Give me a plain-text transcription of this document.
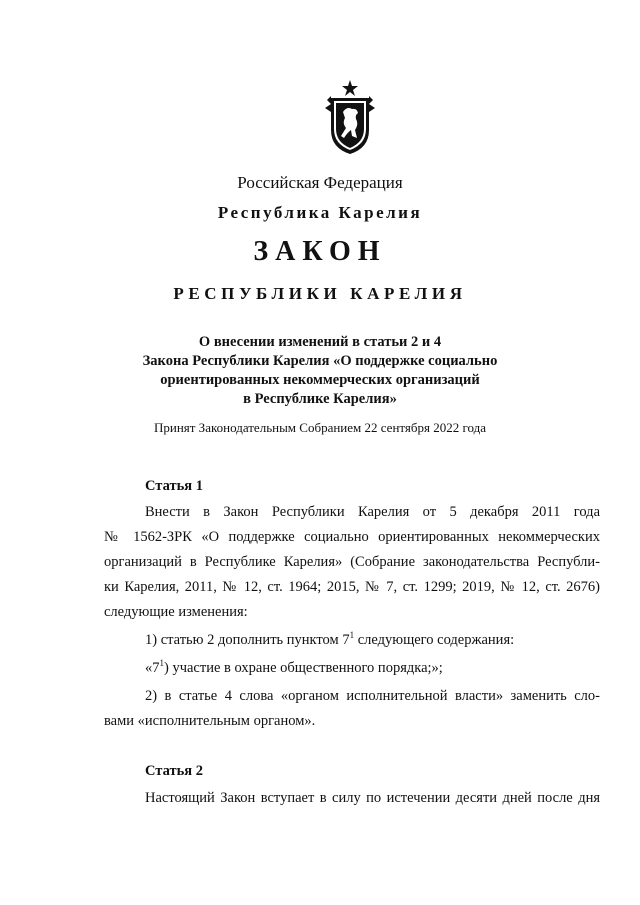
Российская Федерация
Республика Карелия
ЗАКОН
РЕСПУБЛИКИ КАРЕЛИЯ
О внесении изменений в статьи 2 и 4
Закона Республики Карелия «О поддержке социально
ориентированных некоммерческих организаций
в Республике Карелия»
Принят Законодательным Собранием 22 сентября 2022 года
Статья 1
Внести в Закон Республики Карелия от 5 декабря 2011 года
№ 1562-ЗРК «О поддержке социально ориентированных некоммерческих
организаций в Республике Карелия» (Собрание законодательства Республи-
ки Карелия, 2011, № 12, ст. 1964; 2015, № 7, ст. 1299; 2019, № 12, ст. 2676)
следующие изменения:
1) статью 2 дополнить пунктом $7^1$ следующего содержания:
«$7^1$) участие в охране общественного порядка;»;
2) в статье 4 слова «органом исполнительной власти» заменить сло-
вами «исполнительным органом».
Статья 2
Настоящий Закон вступает в силу по истечении десяти дней после дня
